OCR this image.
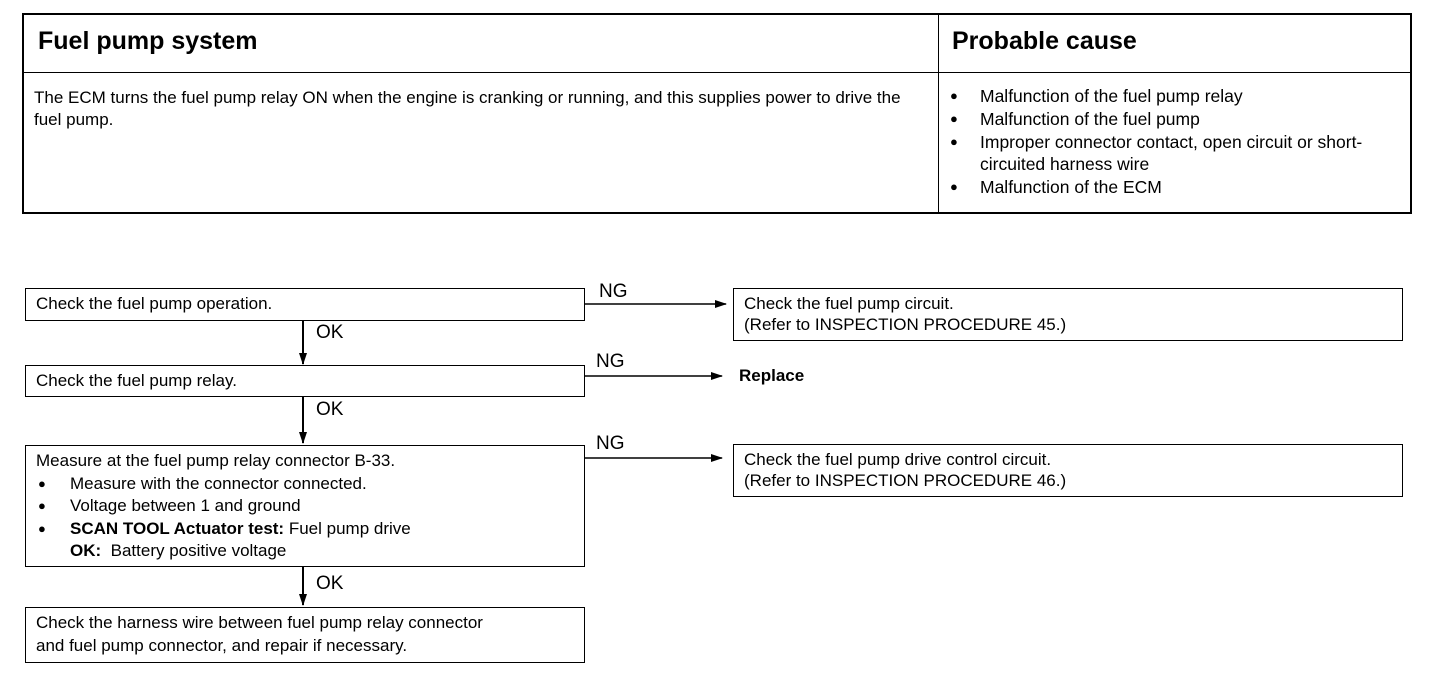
Fuel pump system	Probable cause
The ECM turns the fuel pump relay ON when the engine is cranking or running, and this supplies power to drive the fuel pump.
● Malfunction of the fuel pump relay
● Malfunction of the fuel pump
● Improper connector contact, open circuit or short-circuited harness wire
● Malfunction of the ECM
Check the fuel pump operation.
NG
OK
Check the fuel pump circuit.
(Refer to INSPECTION PROCEDURE 45.)
Check the fuel pump relay.
NG
OK
Replace
Measure at the fuel pump relay connector B-33.
● Measure with the connector connected.
● Voltage between 1 and ground
● SCAN TOOL Actuator test: Fuel pump drive
OK: Battery positive voltage
NG
OK
Check the fuel pump drive control circuit.
(Refer to INSPECTION PROCEDURE 46.)
Check the harness wire between fuel pump relay connector
and fuel pump connector, and repair if necessary.
